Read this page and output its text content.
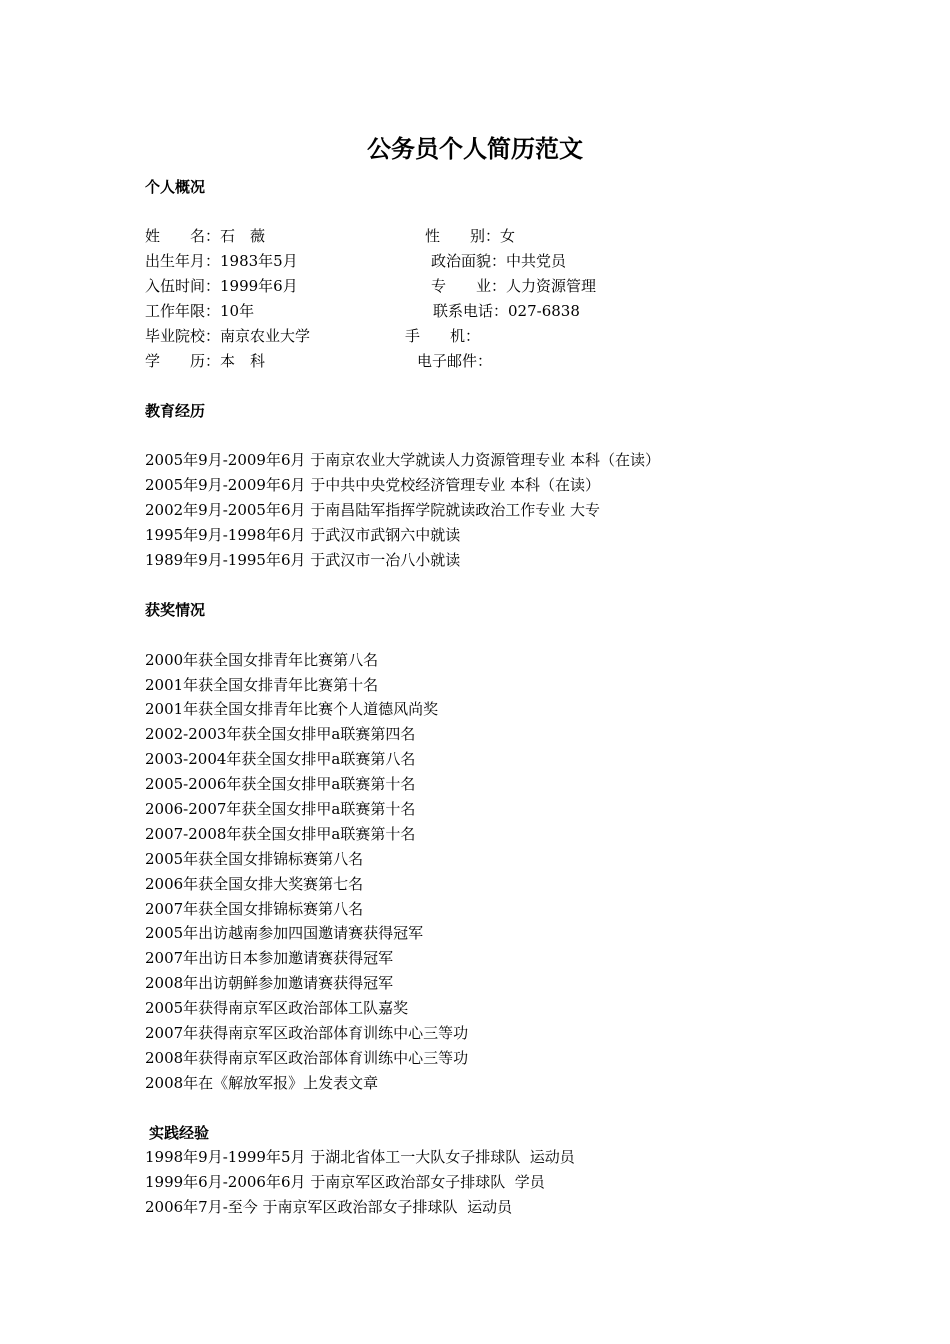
公务员个人简历范文
个人概况
姓　　名：石　薇	性　　别：女
出生年月：1983年5月	政治面貌：中共党员
入伍时间：1999年6月	专　　业：人力资源管理
工作年限：10年	联系电话：027-6838
毕业院校：南京农业大学	手　　机：
学　　历：本　科	电子邮件：
教育经历
2005年9月-2009年6月 于南京农业大学就读人力资源管理专业 本科（在读）
2005年9月-2009年6月 于中共中央党校经济管理专业 本科（在读）
2002年9月-2005年6月 于南昌陆军指挥学院就读政治工作专业 大专
1995年9月-1998年6月 于武汉市武钢六中就读
1989年9月-1995年6月 于武汉市一冶八小就读
获奖情况
2000年获全国女排青年比赛第八名
2001年获全国女排青年比赛第十名
2001年获全国女排青年比赛个人道德风尚奖
2002-2003年获全国女排甲a联赛第四名
2003-2004年获全国女排甲a联赛第八名
2005-2006年获全国女排甲a联赛第十名
2006-2007年获全国女排甲a联赛第十名
2007-2008年获全国女排甲a联赛第十名
2005年获全国女排锦标赛第八名
2006年获全国女排大奖赛第七名
2007年获全国女排锦标赛第八名
2005年出访越南参加四国邀请赛获得冠军
2007年出访日本参加邀请赛获得冠军
2008年出访朝鲜参加邀请赛获得冠军
2005年获得南京军区政治部体工队嘉奖
2007年获得南京军区政治部体育训练中心三等功
2008年获得南京军区政治部体育训练中心三等功
2008年在《解放军报》上发表文章
实践经验
1998年9月-1999年5月 于湖北省体工一大队女子排球队  运动员
1999年6月-2006年6月 于南京军区政治部女子排球队  学员
2006年7月-至今 于南京军区政治部女子排球队  运动员
